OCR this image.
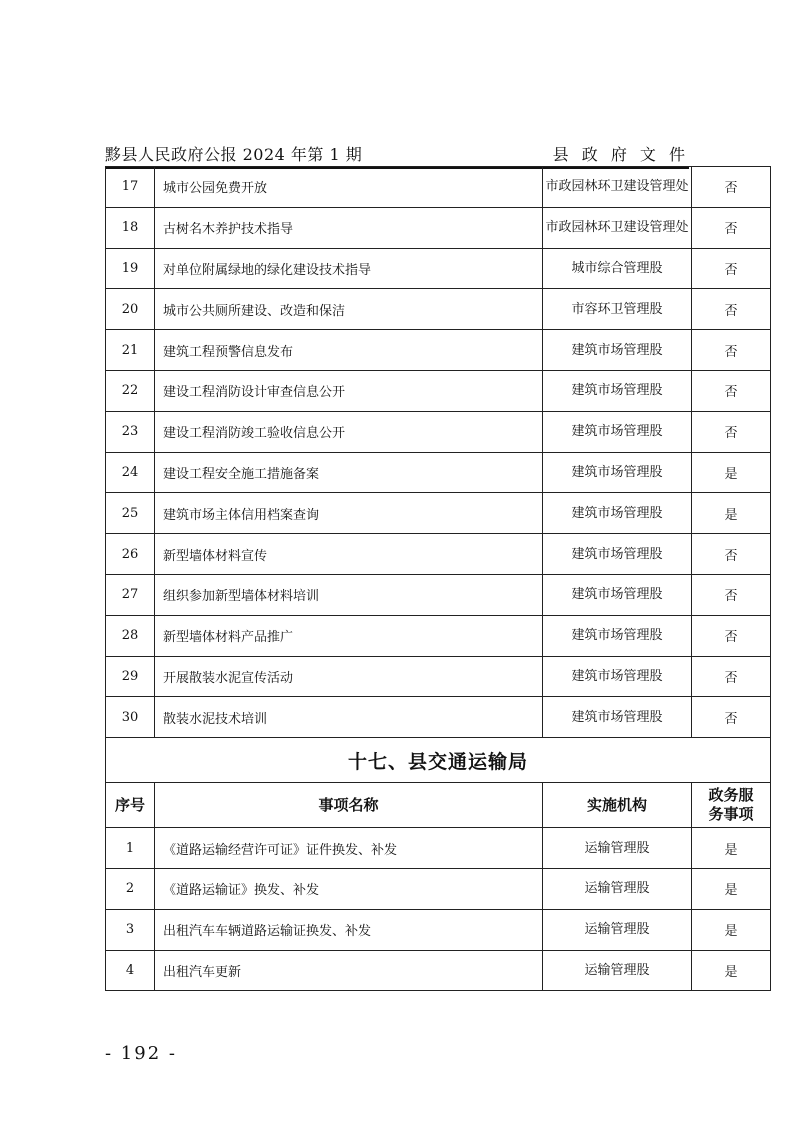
黟县人民政府公报 2024 年第 1 期	县 政 府 文 件
17	城市公园免费开放	市政园林环卫建设管理处	否
18	古树名木养护技术指导	市政园林环卫建设管理处	否
19	对单位附属绿地的绿化建设技术指导	城市综合管理股	否
20	城市公共厕所建设、改造和保洁	市容环卫管理股	否
21	建筑工程预警信息发布	建筑市场管理股	否
22	建设工程消防设计审查信息公开	建筑市场管理股	否
23	建设工程消防竣工验收信息公开	建筑市场管理股	否
24	建设工程安全施工措施备案	建筑市场管理股	是
25	建筑市场主体信用档案查询	建筑市场管理股	是
26	新型墙体材料宣传	建筑市场管理股	否
27	组织参加新型墙体材料培训	建筑市场管理股	否
28	新型墙体材料产品推广	建筑市场管理股	否
29	开展散装水泥宣传活动	建筑市场管理股	否
30	散装水泥技术培训	建筑市场管理股	否
十七、县交通运输局			
序号	事项名称	实施机构	政务服务事项
1	《道路运输经营许可证》证件换发、补发	运输管理股	是
2	《道路运输证》换发、补发	运输管理股	是
3	出租汽车车辆道路运输证换发、补发	运输管理股	是
4	出租汽车更新	运输管理股	是
- 192 -
